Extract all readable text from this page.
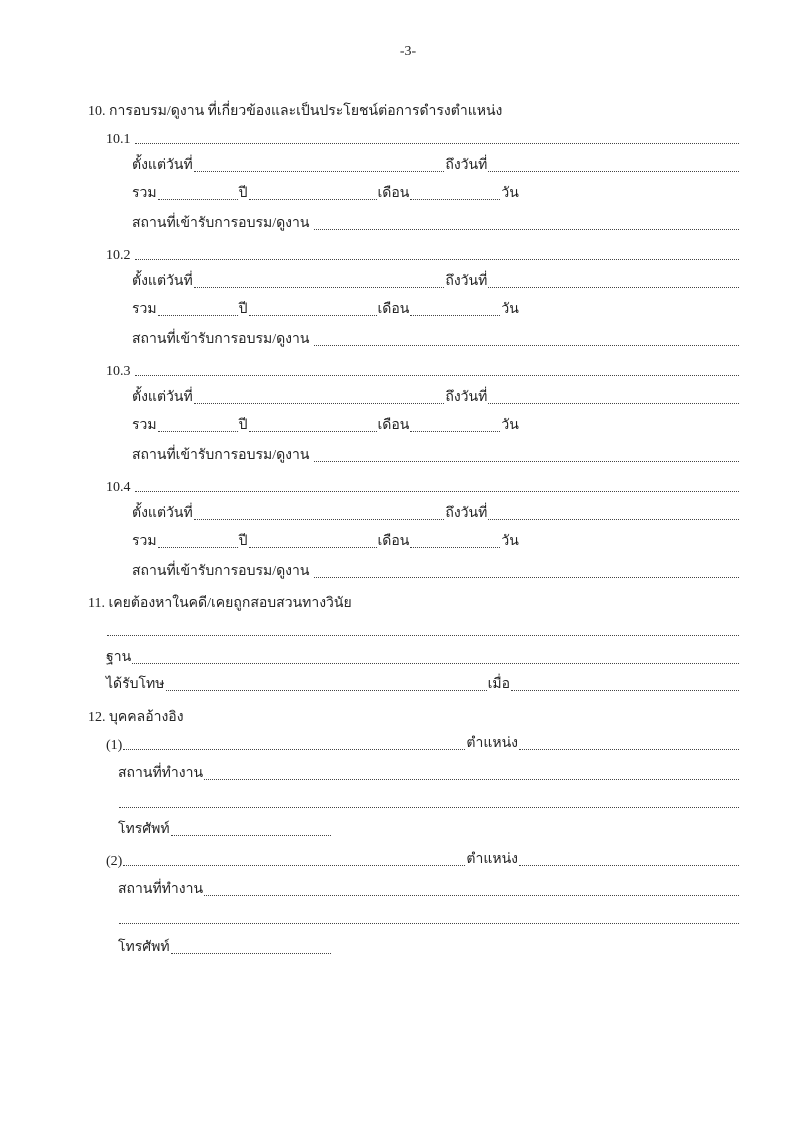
-3-
10. การอบรม/ดูงาน ที่เกี่ยวข้องและเป็นประโยชน์ต่อการดำรงตำแหน่ง
10.1

ตั้งแต่วันที่	ถึงวันที่
รวม	ปี	เดือน	วัน
สถานที่เข้ารับการอบรม/ดูงาน

10.2

ตั้งแต่วันที่	ถึงวันที่
รวม	ปี	เดือน	วัน
สถานที่เข้ารับการอบรม/ดูงาน

10.3

ตั้งแต่วันที่	ถึงวันที่
รวม	ปี	เดือน	วัน
สถานที่เข้ารับการอบรม/ดูงาน

10.4

ตั้งแต่วันที่	ถึงวันที่
รวม	ปี	เดือน	วัน
สถานที่เข้ารับการอบรม/ดูงาน

11. เคยต้องหาในคดี/เคยถูกสอบสวนทางวินัย
ฐาน
ได้รับโทษ	เมื่อ
12. บุคคลอ้างอิง
(1)	ตำแหน่ง
สถานที่ทำงาน
โทรศัพท์
(2)	ตำแหน่ง
สถานที่ทำงาน
โทรศัพท์
